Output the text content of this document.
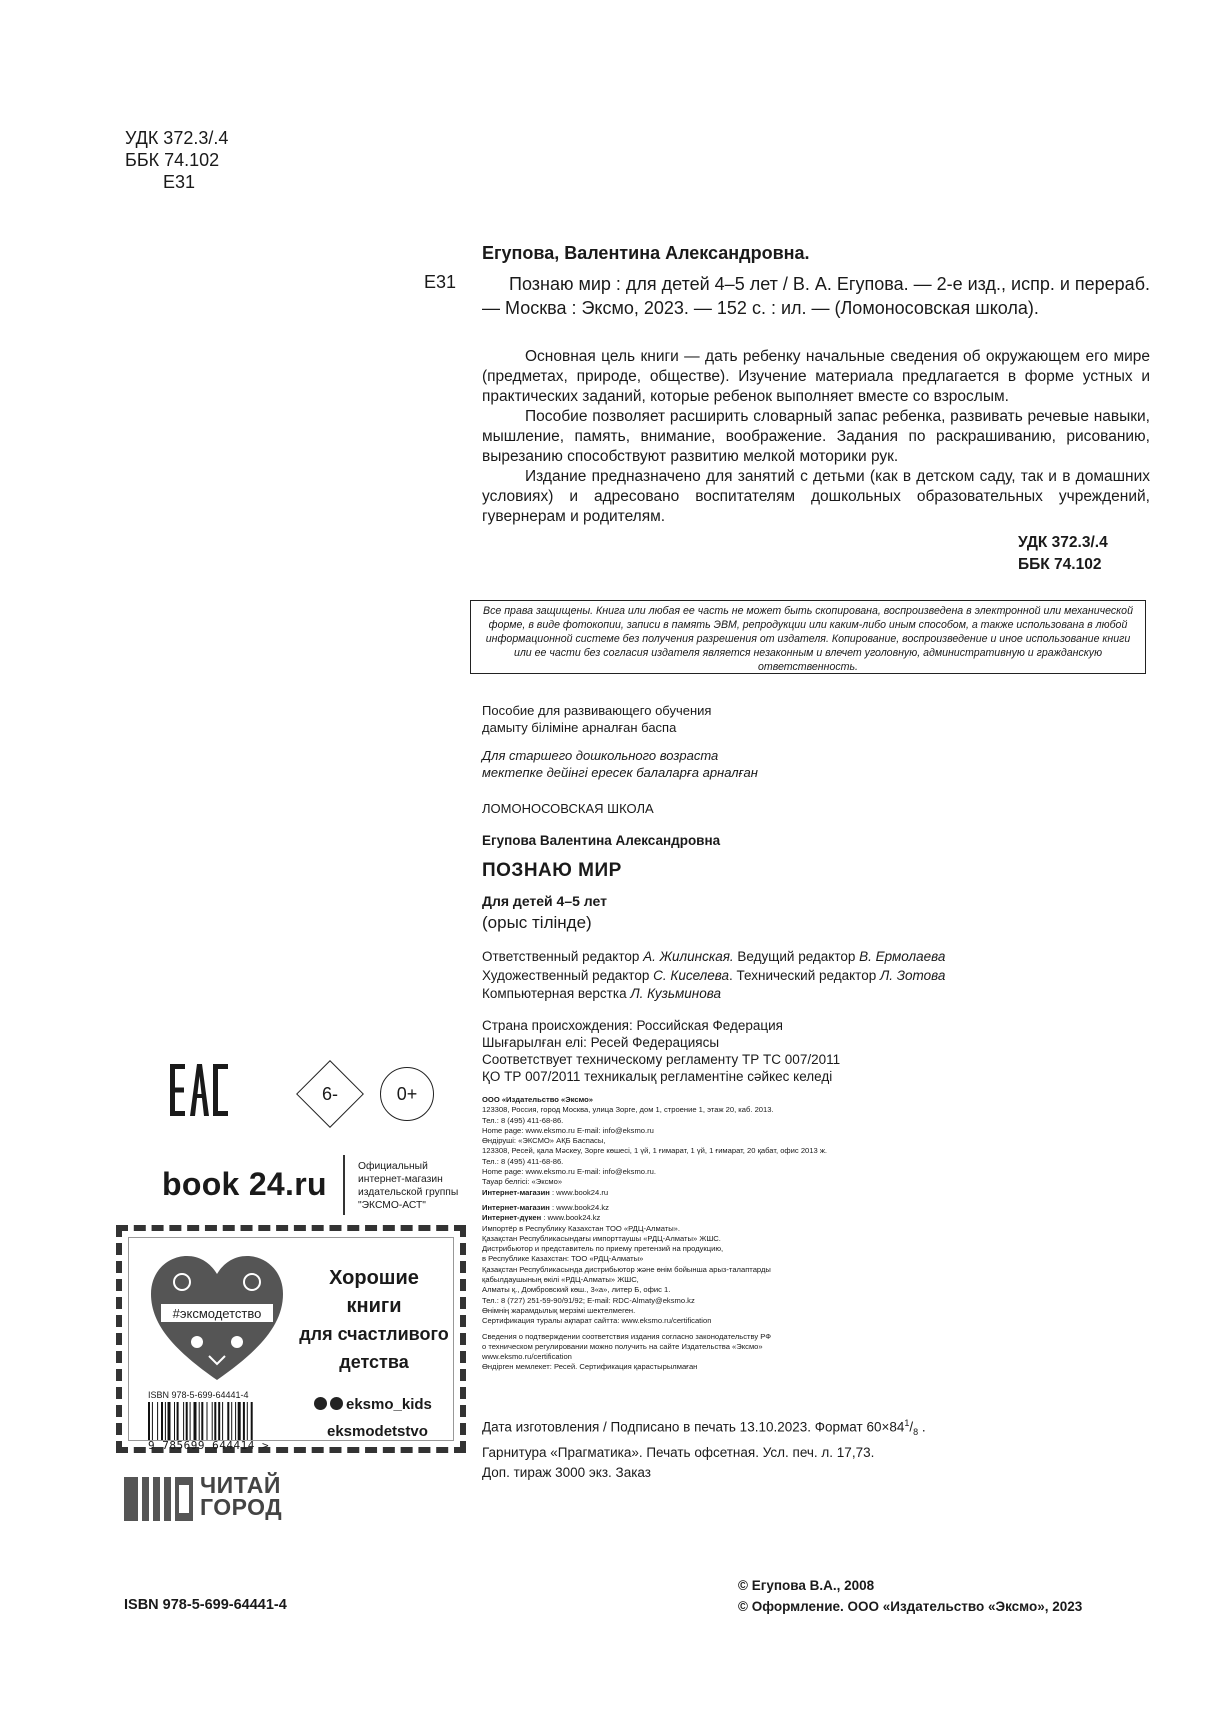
УДК 372.3/.4
ББК 74.102
Е31
Егупова, Валентина Александровна.
Е31	Познаю мир : для детей 4–5 лет / В. А. Егупова. — 2-е изд., испр. и перераб. — Москва : Эксмо, 2023. — 152 с. : ил. — (Ломоносовская школа).

Основная цель книги — дать ребенку начальные сведения об окружающем его мире (предметах, природе, обществе). Изучение материала предлагается в форме устных и практических заданий, которые ребенок выполняет вместе со взрослым.

Пособие позволяет расширить словарный запас ребенка, развивать речевые навыки, мышление, память, внимание, воображение. Задания по раскрашиванию, рисованию, вырезанию способствуют развитию мелкой моторики рук.

Издание предназначено для занятий с детьми (как в детском саду, так и в домашних условиях) и адресовано воспитателям дошкольных образовательных учреждений, гувернерам и родителям.

УДК 372.3/.4
ББК 74.102
Все права защищены. Книга или любая ее часть не может быть скопирована, воспроизведена в электронной или механической форме, в виде фотокопии, записи в память ЭВМ, репродукции или каким-либо иным способом, а также использована в любой информационной системе без получения разрешения от издателя. Копирование, воспроизведение и иное использование книги или ее части без согласия издателя является незаконным и влечет уголовную, административную и гражданскую ответственность.
Пособие для развивающего обучения
дамыту біліміне арналған баспа
Для старшего дошкольного возраста
мектепке дейінгі ересек балаларға арналған
ЛОМОНОСОВСКАЯ ШКОЛА
Егупова Валентина Александровна
ПОЗНАЮ МИР
Для детей 4–5 лет
(орыс тілінде)
Ответственный редактор А. Жилинская. Ведущий редактор В. Ермолаева
Художественный редактор С. Киселева. Технический редактор Л. Зотова
Компьютерная верстка Л. Кузьминова
Страна происхождения: Российская Федерация
Шығарылған елі: Ресей Федерациясы
Соответствует техническому регламенту ТР ТС 007/2011
ҚО ТР 007/2011 техникалық регламентіне сәйкес келеді
ООО «Издательство «Эксмо»
123308, Россия, город Москва, улица Зорге, дом 1, строение 1, этаж 20, каб. 2013.
Тел.: 8 (495) 411-68-86.
Home page: www.eksmo.ru E-mail: info@eksmo.ru
Өндіруші: «ЭКСМО» АҚБ Баспасы,
123308, Ресей, қала Мәскеу, Зорге көшесі, 1 үй, 1 ғимарат, 1 үй, 1 ғимарат, 20 қабат, офис 2013 ж.
Тел.: 8 (495) 411-68-86.
Home page: www.eksmo.ru E-mail: info@eksmo.ru.
Тауар белгісі: «Эксмо»
Интернет-магазин : www.book24.ru
Интернет-магазин : www.book24.kz
Интернет-дүкен : www.book24.kz
Импортёр в Республику Казахстан ТОО «РДЦ-Алматы».
Қазақстан Республикасындағы импорттаушы «РДЦ-Алматы» ЖШС.
Дистрибьютор и представитель по приему претензий на продукцию,
в Республике Казахстан: ТОО «РДЦ-Алматы»
Қазақстан Республикасында дистрибьютор және өнім бойынша арыз-талаптарды
қабылдаушының өкілі «РДЦ-Алматы» ЖШС,
Алматы қ., Домбровский көш., 3«а», литер Б, офис 1.
Тел.: 8 (727) 251-59-90/91/92; E-mail: RDC-Almaty@eksmo.kz
Өнімнің жарамдылық мерзімі шектелмеген.
Сертификация туралы ақпарат сайтта: www.eksmo.ru/certification
Сведения о подтверждении соответствия издания согласно законодательству РФ
о техническом регулировании можно получить на сайте Издательства «Эксмо»
www.eksmo.ru/certification
Өндірген мемлекет: Ресей. Сертификация қарастырылмаған
Дата изготовления / Подписано в печать 13.10.2023. Формат $60\times 84^1/_8$ .
Гарнитура «Прагматика». Печать офсетная. Усл. печ. л. 17,73.
Доп. тираж 3000 экз. Заказ
© Егупова В.А., 2008
© Оформление. ООО «Издательство «Эксмо», 2023
ISBN 978-5-699-64441-4
6-	0+
book 24.ru	Официальный
интернет-магазин
издательской группы
"ЭКСМО-АСТ"
#эксмодетство
Хорошие
книги
для счастливого
детства
ISBN 978-5-699-64441-4
9 785699 644414 >
eksmo_kids
eksmodetstvo
ЧИТАЙ
ГОРОД
